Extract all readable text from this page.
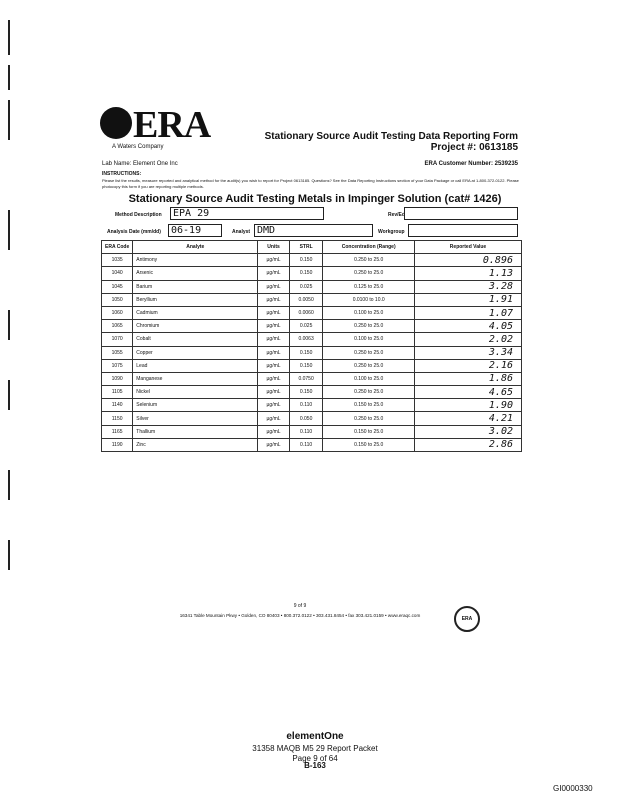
ERA
A Waters Company
Stationary Source Audit Testing Data Reporting Form
Project #: 0613185
Lab Name: Element One Inc	ERA Customer Number: 2539235
INSTRUCTIONS:
Please list the results, measure reported and analytical method for the audit(s) you wish to report for Project 0613185. Questions? See the Data Reporting Instructions section of your Data Package or call ERA at 1-800-372-0122. Please photocopy this form if you are reporting multiple methods.
Stationary Source Audit Testing Metals in Impinger Solution (cat# 1426)
Method Description	EPA 29	Rev/Ed
Analysis Date (mm/dd)	06-19	Analyst DMD	Workgroup
ERA Code	Analyte	Units	STRL	Concentration (Range)	Reported Value
1035	Antimony	µg/mL	0.150	0.250 to 25.0	0.896
1040	Arsenic	µg/mL	0.150	0.250 to 25.0	1.13
1045	Barium	µg/mL	0.025	0.125 to 25.0	3.28
1050	Beryllium	µg/mL	0.0050	0.0100 to 10.0	1.91
1060	Cadmium	µg/mL	0.0060	0.100 to 25.0	1.07
1065	Chromium	µg/mL	0.025	0.250 to 25.0	4.05
1070	Cobalt	µg/mL	0.0063	0.100 to 25.0	2.02
1055	Copper	µg/mL	0.150	0.250 to 25.0	3.34
1075	Lead	µg/mL	0.150	0.250 to 25.0	2.16
1090	Manganese	µg/mL	0.0750	0.100 to 25.0	1.86
1105	Nickel	µg/mL	0.150	0.250 to 25.0	4.65
1140	Selenium	µg/mL	0.110	0.150 to 25.0	1.90
1150	Silver	µg/mL	0.050	0.250 to 25.0	4.21
1165	Thallium	µg/mL	0.110	0.150 to 25.0	3.02
1190	Zinc	µg/mL	0.110	0.150 to 25.0	2.86
9 of 9
16341 Table Mountain Pkwy • Golden, CO 80403 • 800.372.0122 • 303.431.8454 • fax 303.421.0159 • www.eraqc.com
ERA
elementOne
31358 MAQB M5 29 Report Packet
Page 9 of 64
B-163
GI0000330
